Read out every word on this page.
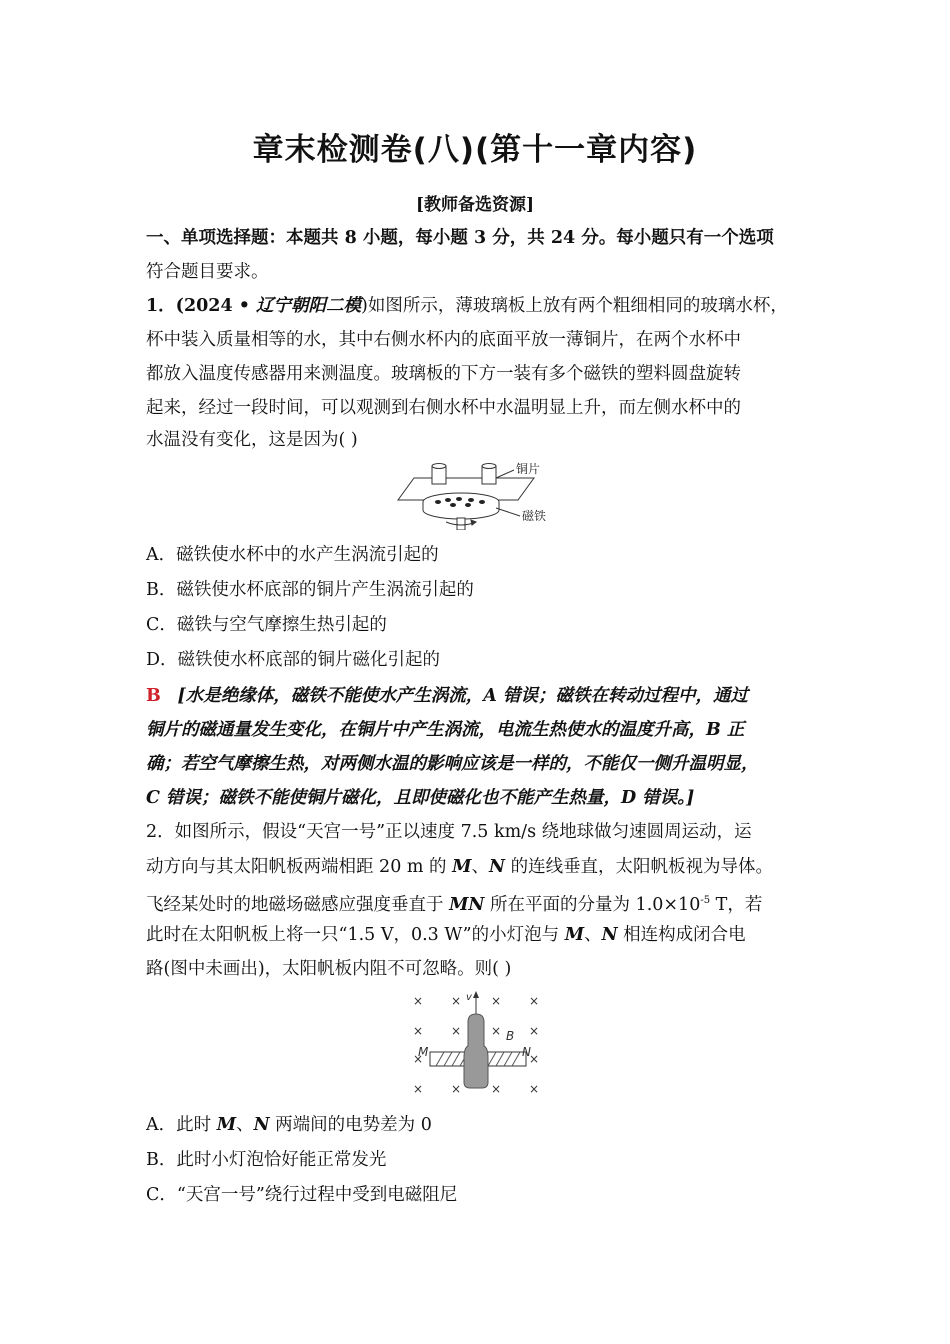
章末检测卷(八)(第十一章内容)
[教师备选资源]
一、单项选择题：本题共 8 小题，每小题 3 分，共 24 分。每小题只有一个选项
符合题目要求。
1．(2024 • 辽宁朝阳二模)如图所示，薄玻璃板上放有两个粗细相同的玻璃水杯，
杯中装入质量相等的水，其中右侧水杯内的底面平放一薄铜片，在两个水杯中
都放入温度传感器用来测温度。玻璃板的下方一装有多个磁铁的塑料圆盘旋转
起来，经过一段时间，可以观测到右侧水杯中水温明显上升，而左侧水杯中的
水温没有变化，这是因为( )
铜片
磁铁
A．磁铁使水杯中的水产生涡流引起的
B．磁铁使水杯底部的铜片产生涡流引起的
C．磁铁与空气摩擦生热引起的
D．磁铁使水杯底部的铜片磁化引起的
B [水是绝缘体，磁铁不能使水产生涡流，A 错误；磁铁在转动过程中，通过
铜片的磁通量发生变化，在铜片中产生涡流，电流生热使水的温度升高，B 正
确；若空气摩擦生热，对两侧水温的影响应该是一样的，不能仅一侧升温明显，
C 错误；磁铁不能使铜片磁化，且即使磁化也不能产生热量，D 错误。]
2．如图所示，假设“天宫一号”正以速度 7.5 km/s 绕地球做匀速圆周运动，运
动方向与其太阳帆板两端相距 20 m 的 M、N 的连线垂直，太阳帆板视为导体。
飞经某处时的地磁场磁感应强度垂直于 MN 所在平面的分量为 $1.0\times 10^{-5}$ T，若
此时在太阳帆板上将一只“1.5 V，0.3 W”的小灯泡与 M、N 相连构成闭合电
路(图中未画出)，太阳帆板内阻不可忽略。则( )
× × × ×
× × × ×
×	×
× × × ×
v
B
M	N
A．此时 M、N 两端间的电势差为 0
B．此时小灯泡恰好能正常发光
C．“天宫一号”绕行过程中受到电磁阻尼
